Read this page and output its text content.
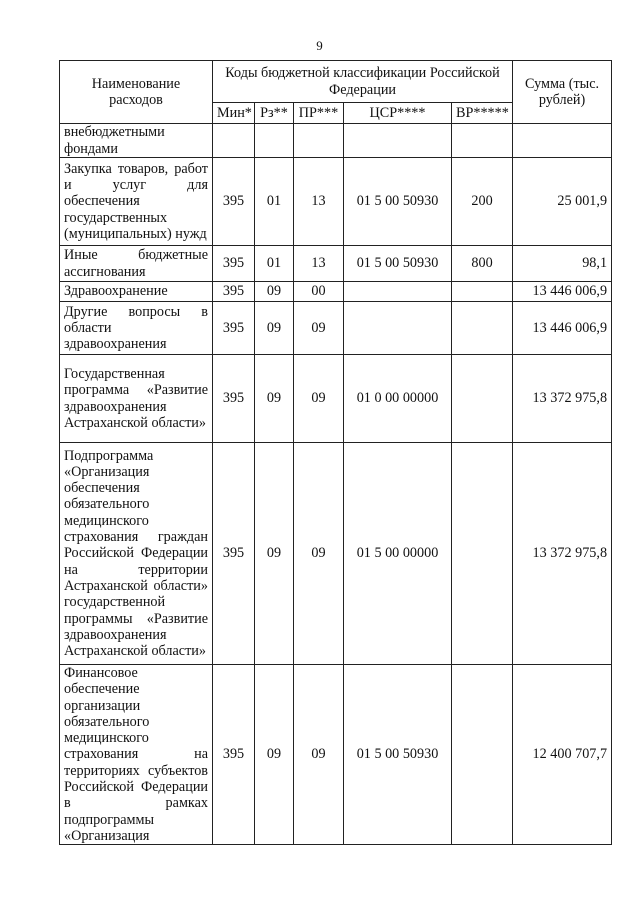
9
Наименование расходов	Коды бюджетной классификации Российской Федерации					Сумма (тыс. рублей)
	Мин*	Рз**	ПР***	ЦСР****	ВР*****	
внебюджетными фондами						
Закупка товаров, работ и услуг для обеспечения государственных (муниципальных) нужд	395	01	13	01 5 00 50930	200	25 001,9
Иные бюджетные ассигнования	395	01	13	01 5 00 50930	800	98,1
Здравоохранение	395	09	00			13 446 006,9
Другие вопросы в области здравоохранения	395	09	09			13 446 006,9
Государственная программа «Развитие здравоохранения Астраханской области»	395	09	09	01 0 00 00000		13 372 975,8
Подпрограмма «Организация обеспечения обязательного медицинского страхования граждан Российской Федерации на территории Астраханской области» государственной программы «Развитие здравоохранения Астраханской области»	395	09	09	01 5 00 00000		13 372 975,8
Финансовое обеспечение организации обязательного медицинского страхования на территориях субъектов Российской Федерации в рамках подпрограммы «Организация	395	09	09	01 5 00 50930		12 400 707,7
